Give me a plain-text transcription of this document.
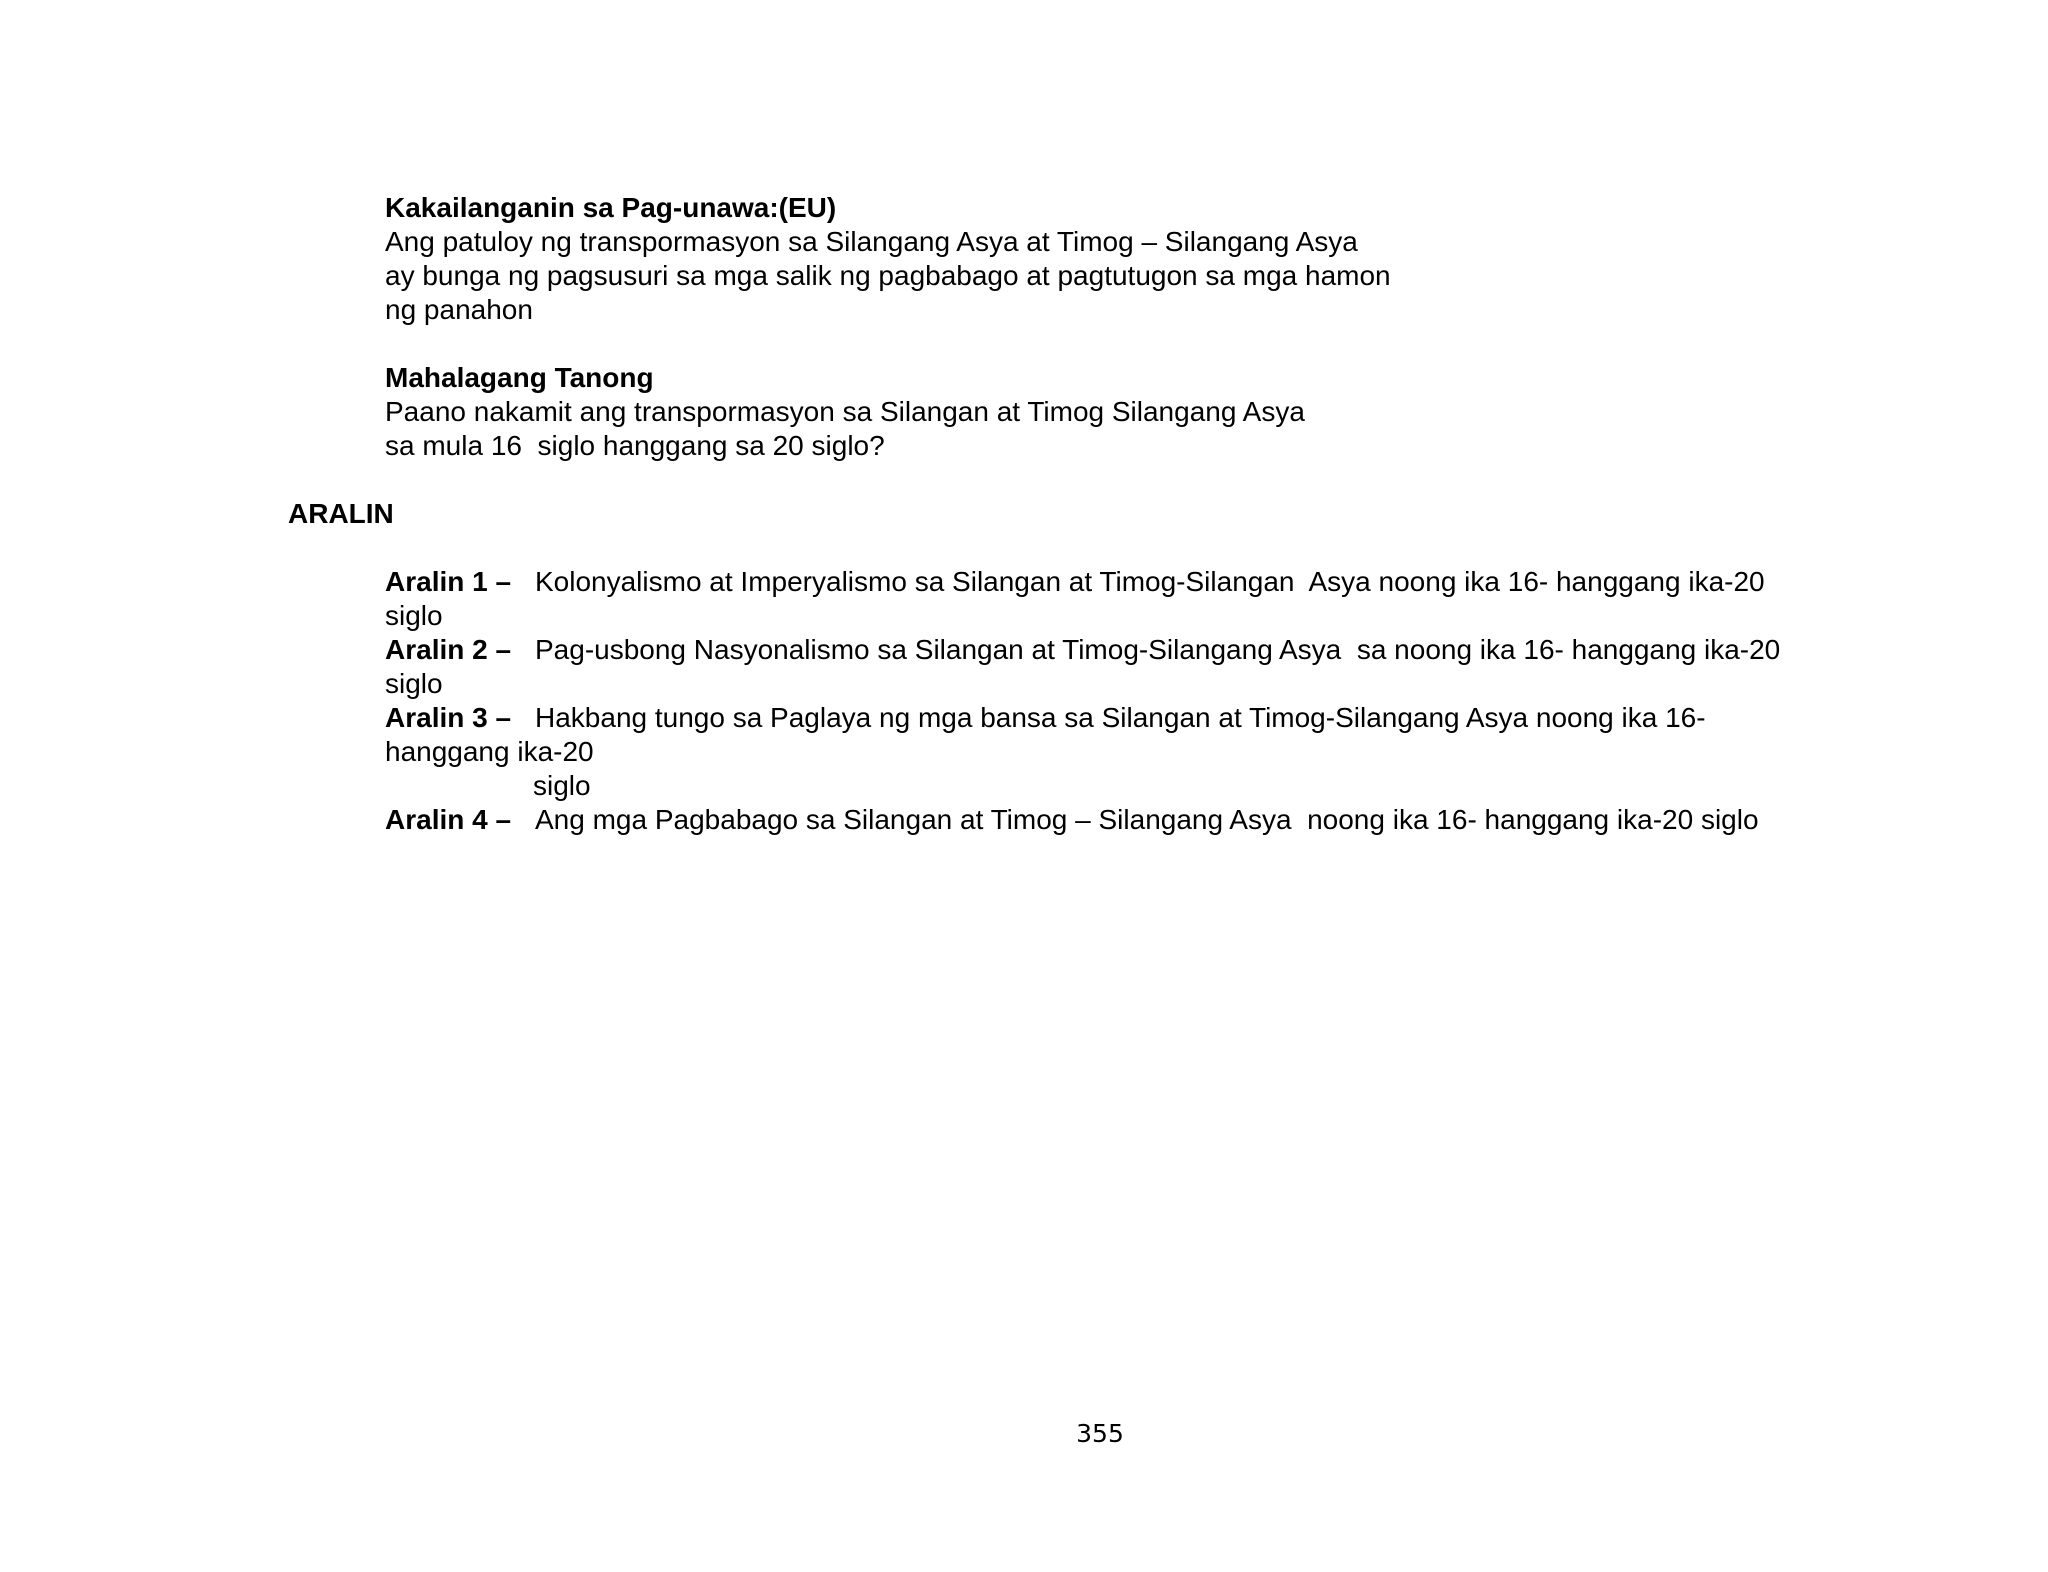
Kakailanganin sa Pag-unawa:(EU)
Ang patuloy ng transpormasyon sa Silangang Asya at Timog – Silangang Asya
ay bunga ng pagsusuri sa mga salik ng pagbabago at pagtutugon sa mga hamon
ng panahon
Mahalagang Tanong
Paano nakamit ang transpormasyon sa Silangan at Timog Silangang Asya
sa mula 16  siglo hanggang sa 20 siglo?
ARALIN
Aralin 1 – Kolonyalismo at Imperyalismo sa Silangan at Timog-Silangan  Asya noong ika 16- hanggang ika-20
siglo
Aralin 2 – Pag-usbong Nasyonalismo sa Silangan at Timog-Silangang Asya  sa noong ika 16- hanggang ika-20
siglo
Aralin 3 – Hakbang tungo sa Paglaya ng mga bansa sa Silangan at Timog-Silangang Asya noong ika 16-
hanggang ika-20
siglo
Aralin 4 – Ang mga Pagbabago sa Silangan at Timog – Silangang Asya  noong ika 16- hanggang ika-20 siglo
355
